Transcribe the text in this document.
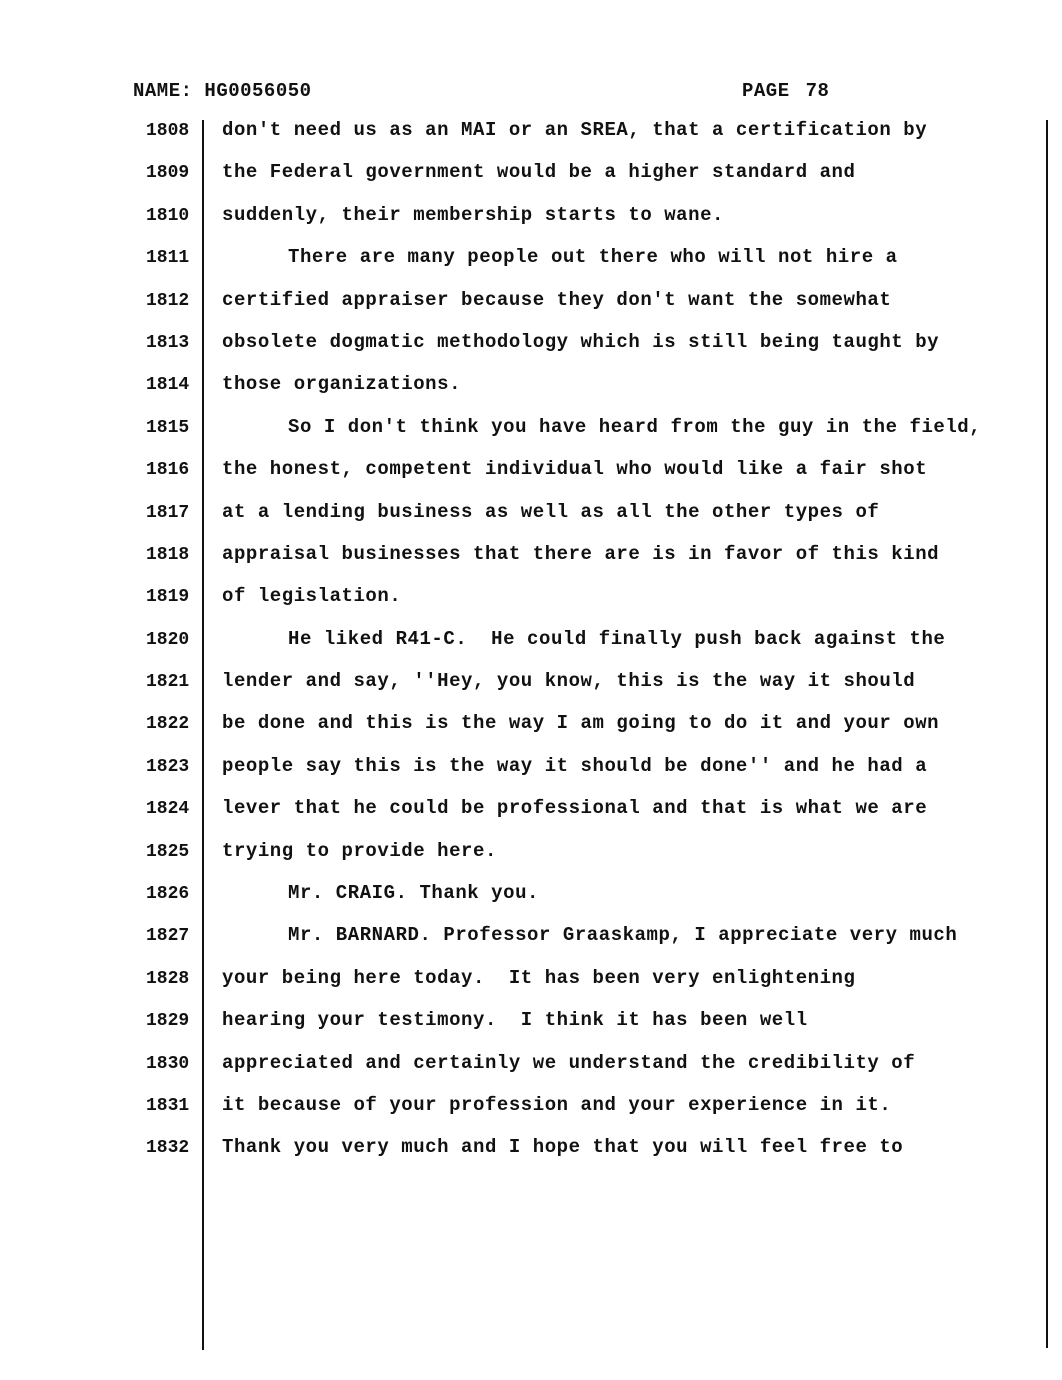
NAME: HG0056050	PAGE 78
1808	don't need us as an MAI or an SREA, that a certification by
1809	the Federal government would be a higher standard and
1810	suddenly, their membership starts to wane.
1811	There are many people out there who will not hire a
1812	certified appraiser because they don't want the somewhat
1813	obsolete dogmatic methodology which is still being taught by
1814	those organizations.
1815	So I don't think you have heard from the guy in the field,
1816	the honest, competent individual who would like a fair shot
1817	at a lending business as well as all the other types of
1818	appraisal businesses that there are is in favor of this kind
1819	of legislation.
1820	He liked R41-C.  He could finally push back against the
1821	lender and say, ''Hey, you know, this is the way it should
1822	be done and this is the way I am going to do it and your own
1823	people say this is the way it should be done'' and he had a
1824	lever that he could be professional and that is what we are
1825	trying to provide here.
1826	Mr. CRAIG. Thank you.
1827	Mr. BARNARD. Professor Graaskamp, I appreciate very much
1828	your being here today.  It has been very enlightening
1829	hearing your testimony.  I think it has been well
1830	appreciated and certainly we understand the credibility of
1831	it because of your profession and your experience in it.
1832	Thank you very much and I hope that you will feel free to
